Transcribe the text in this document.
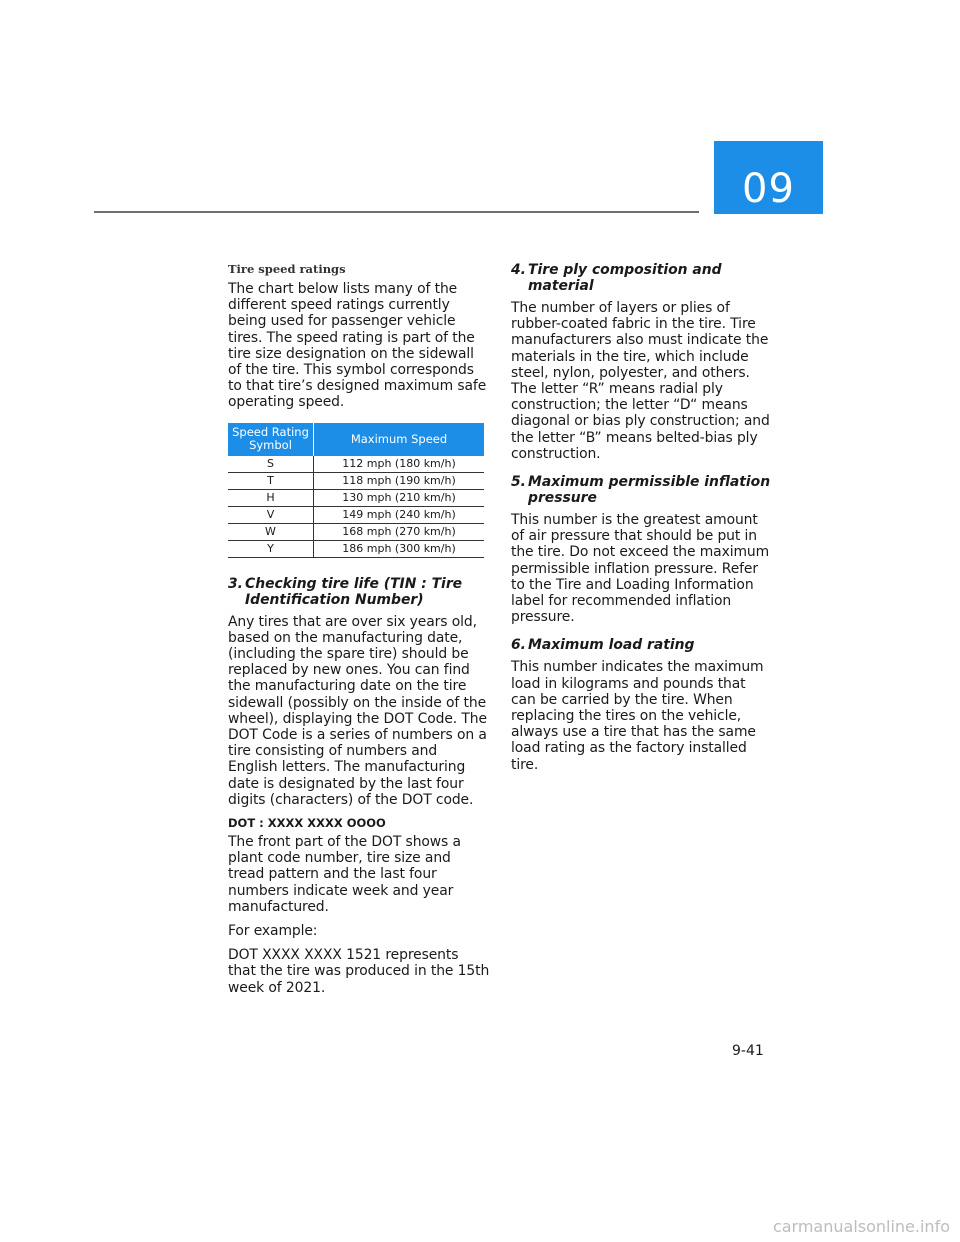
09
Tire speed ratings

The chart below lists many of the different speed ratings currently being used for passenger vehicle tires. The speed rating is part of the tire size designation on the sidewall of the tire. This symbol corresponds to that tire’s designed maximum safe operating speed.

Speed Rating Symbol	Maximum Speed
S	112 mph (180 km/h)
T	118 mph (190 km/h)
H	130 mph (210 km/h)
V	149 mph (240 km/h)
W	168 mph (270 km/h)
Y	186 mph (300 km/h)
3. Checking tire life (TIN : Tire Identification Number)

Any tires that are over six years old, based on the manufacturing date, (including the spare tire) should be replaced by new ones. You can find the manufacturing date on the tire sidewall (possibly on the inside of the wheel), displaying the DOT Code. The DOT Code is a series of numbers on a tire consisting of numbers and English letters. The manufacturing date is designated by the last four digits (characters) of the DOT code.

DOT : XXXX XXXX OOOO

The front part of the DOT shows a plant code number, tire size and tread pattern and the last four numbers indicate week and year manufactured.

For example:

DOT XXXX XXXX 1521 represents that the tire was produced in the 15th week of 2021.

4. Tire ply composition and material

The number of layers or plies of rubber-coated fabric in the tire. Tire manufacturers also must indicate the materials in the tire, which include steel, nylon, polyester, and others. The letter “R” means radial ply construction; the letter “D“ means diagonal or bias ply construction; and the letter “B” means belted-bias ply construction.

5. Maximum permissible inflation pressure

This number is the greatest amount of air pressure that should be put in the tire. Do not exceed the maximum permissible inflation pressure. Refer to the Tire and Loading Information label for recommended inflation pressure.

6. Maximum load rating

This number indicates the maximum load in kilograms and pounds that can be carried by the tire. When replacing the tires on the vehicle, always use a tire that has the same load rating as the factory installed tire.

9-41
carmanualsonline.info
